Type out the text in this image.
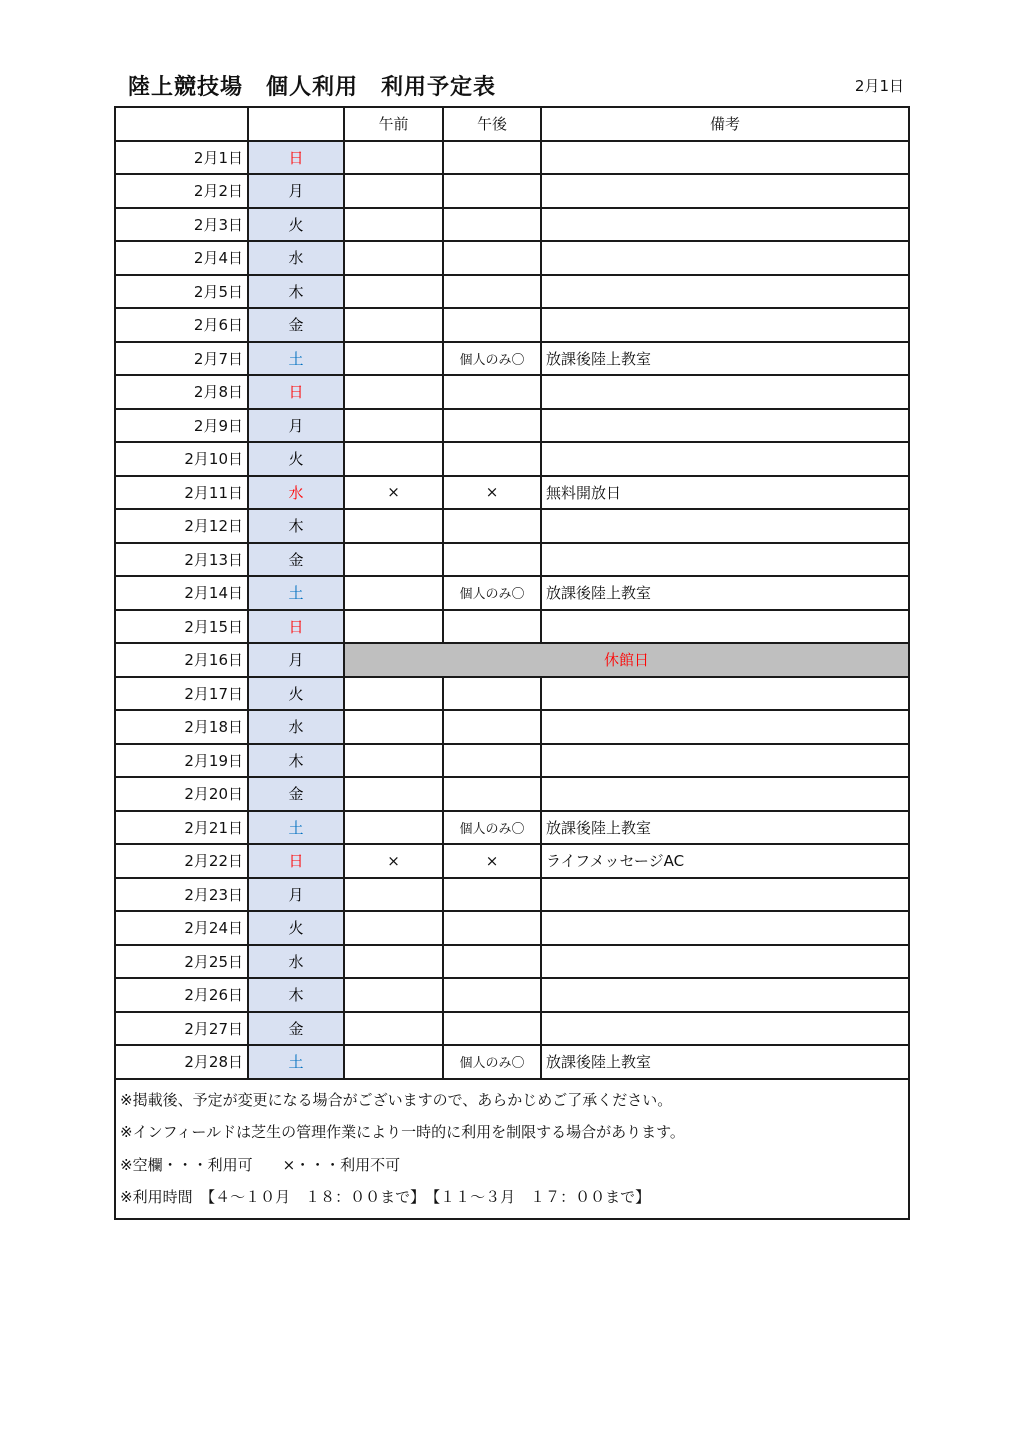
陸上競技場　個人利用　利用予定表	2月1日
		午前	午後	備考
2月1日	日			
2月2日	月			
2月3日	火			
2月4日	水			
2月5日	木			
2月6日	金			
2月7日	土		個人のみ〇	放課後陸上教室
2月8日	日			
2月9日	月			
2月10日	火			
2月11日	水	×	×	無料開放日
2月12日	木			
2月13日	金			
2月14日	土		個人のみ〇	放課後陸上教室
2月15日	日			
2月16日	月	休館日		
2月17日	火			
2月18日	水			
2月19日	木			
2月20日	金			
2月21日	土		個人のみ〇	放課後陸上教室
2月22日	日	×	×	ライフメッセージAC
2月23日	月			
2月24日	火			
2月25日	水			
2月26日	木			
2月27日	金			
2月28日	土		個人のみ〇	放課後陸上教室

※掲載後、予定が変更になる場合がございますので、あらかじめご了承ください。
※インフィールドは芝生の管理作業により一時的に利用を制限する場合があります。
※空欄・・・利用可　　×・・・利用不可
※利用時間　【４～１０月　１８：００まで】　【１１～３月　１７：００まで】				
